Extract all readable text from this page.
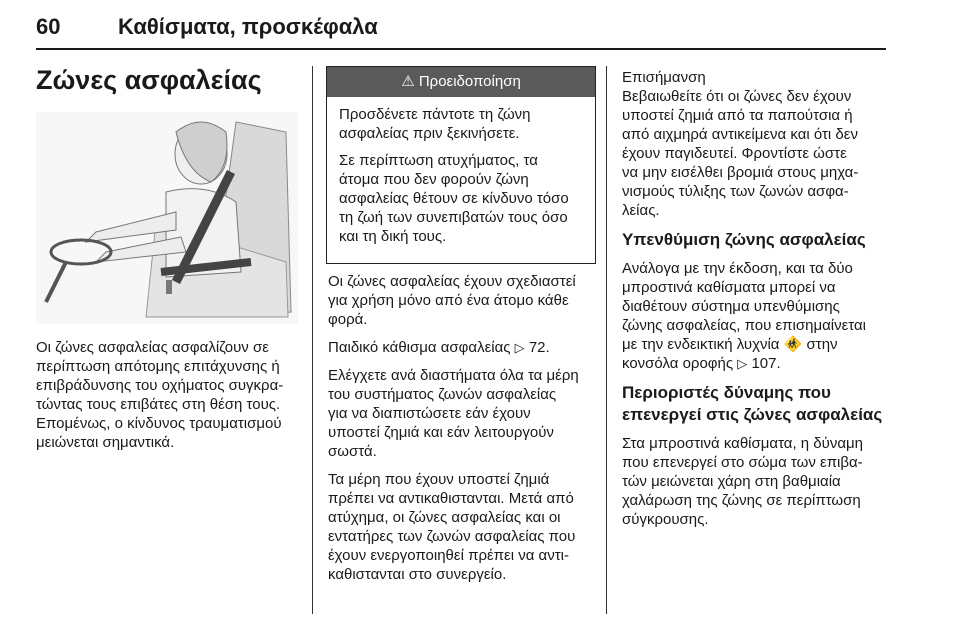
60	Καθίσματα, προσκέφαλα
Ζώνες ασφαλείας
Οι ζώνες ασφαλείας ασφαλίζουν σε
περίπτωση απότομης επιτάχυνσης ή
επιβράδυνσης του οχήματος συγκρα-
τώντας τους επιβάτες στη θέση τους.
Επομένως, ο κίνδυνος τραυματισμού
μειώνεται σημαντικά.
⚠ Προειδοποίηση

Προσδένετε πάντοτε τη ζώνη
ασφαλείας πριν ξεκινήσετε.

Σε περίπτωση ατυχήματος, τα
άτομα που δεν φορούν ζώνη
ασφαλείας θέτουν σε κίνδυνο τόσο
τη ζωή των συνεπιβατών τους όσο
και τη δική τους.

Οι ζώνες ασφαλείας έχουν σχεδιαστεί
για χρήση μόνο από ένα άτομο κάθε
φορά.

Παιδικό κάθισμα ασφαλείας ▷ 72.

Ελέγχετε ανά διαστήματα όλα τα μέρη
του συστήματος ζωνών ασφαλείας
για να διαπιστώσετε εάν έχουν
υποστεί ζημιά και εάν λειτουργούν
σωστά.

Τα μέρη που έχουν υποστεί ζημιά
πρέπει να αντικαθιστανται. Μετά από
ατύχημα, οι ζώνες ασφαλείας και οι
εντατήρες των ζωνών ασφαλείας που
έχουν ενεργοποιηθεί πρέπει να αντι-
καθιστανται στο συνεργείο.

Επισήμανση
Βεβαιωθείτε ότι οι ζώνες δεν έχουν
υποστεί ζημιά από τα παπούτσια ή
από αιχμηρά αντικείμενα και ότι δεν
έχουν παγιδευτεί. Φροντίστε ώστε
να μην εισέλθει βρομιά στους μηχα-
νισμούς τύλιξης των ζωνών ασφα-
λείας.

Υπενθύμιση ζώνης ασφαλείας

Ανάλογα με την έκδοση, και τα δύο
μπροστινά καθίσματα μπορεί να
διαθέτουν σύστημα υπενθύμισης
ζώνης ασφαλείας, που επισημαίνεται
με την ενδεικτική λυχνία 🚸 στην
κονσόλα οροφής ▷ 107.

Περιοριστές δύναμης που
επενεργεί στις ζώνες ασφαλείας

Στα μπροστινά καθίσματα, η δύναμη
που επενεργεί στο σώμα των επιβα-
τών μειώνεται χάρη στη βαθμιαία
χαλάρωση της ζώνης σε περίπτωση
σύγκρουσης.
